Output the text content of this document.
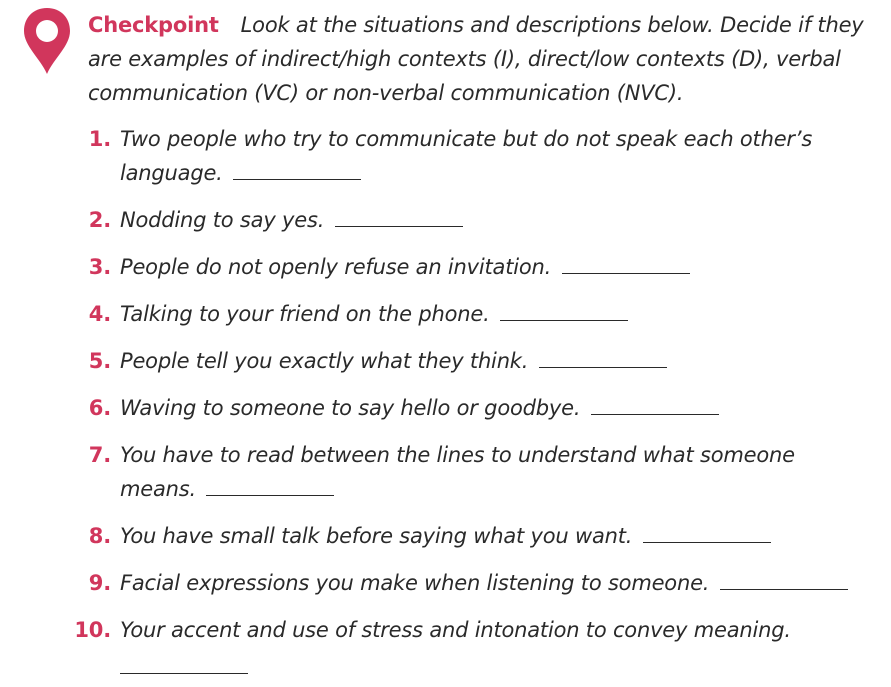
Checkpoint Look at the situations and descriptions below. Decide if they are examples of indirect/high contexts (I), direct/low contexts (D), verbal communication (VC) or non-verbal communication (NVC).
1. Two people who try to communicate but do not speak each other’s language.
2. Nodding to say yes.
3. People do not openly refuse an invitation.
4. Talking to your friend on the phone.
5. People tell you exactly what they think.
6. Waving to someone to say hello or goodbye.
7. You have to read between the lines to understand what someone means.
8. You have small talk before saying what you want.
9. Facial expressions you make when listening to someone.
10. Your accent and use of stress and intonation to convey meaning.
